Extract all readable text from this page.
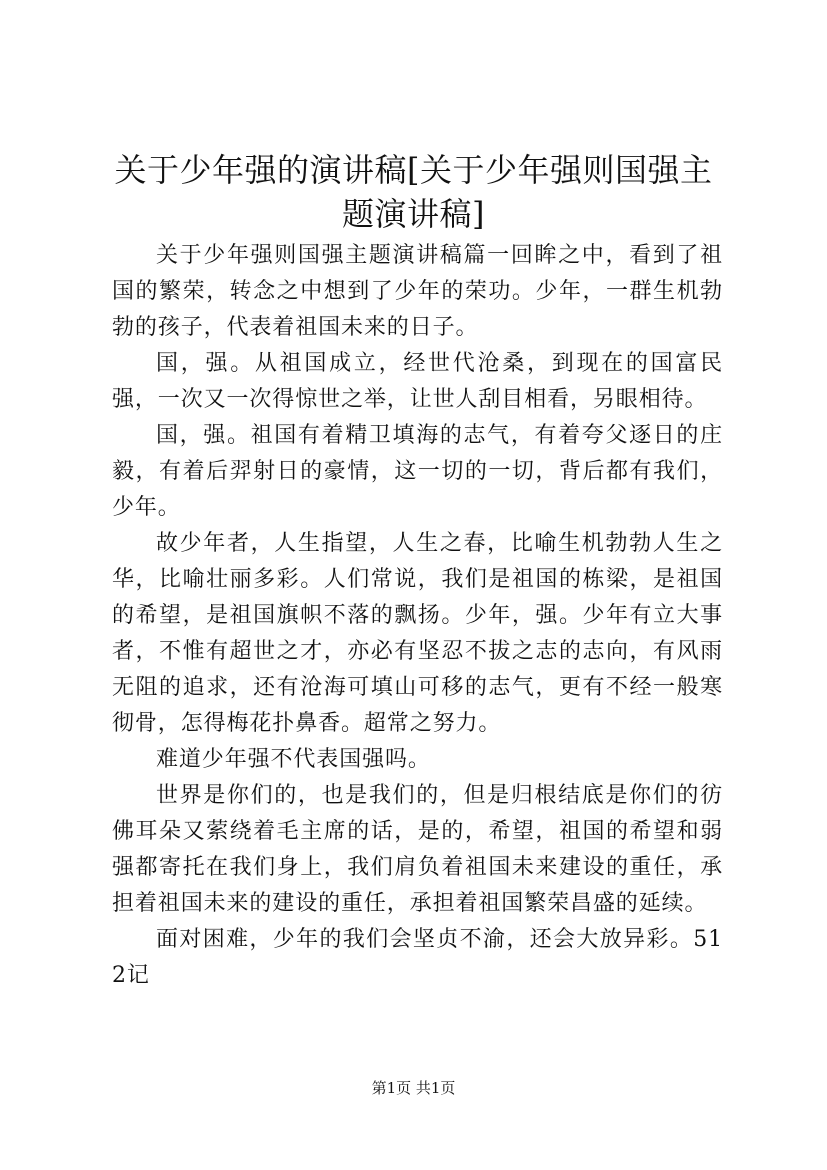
关于少年强的演讲稿[关于少年强则国强主题演讲稿]

关于少年强则国强主题演讲稿篇一回眸之中，看到了祖国的繁荣，转念之中想到了少年的荣功。少年，一群生机勃勃的孩子，代表着祖国未来的日子。

国，强。从祖国成立，经世代沧桑，到现在的国富民强，一次又一次得惊世之举，让世人刮目相看，另眼相待。

国，强。祖国有着精卫填海的志气，有着夸父逐日的庄毅，有着后羿射日的豪情，这一切的一切，背后都有我们，少年。

故少年者，人生指望，人生之春，比喻生机勃勃人生之华，比喻壮丽多彩。人们常说，我们是祖国的栋梁，是祖国的希望，是祖国旗帜不落的飘扬。少年，强。少年有立大事者，不惟有超世之才，亦必有坚忍不拔之志的志向，有风雨无阻的追求，还有沧海可填山可移的志气，更有不经一般寒彻骨，怎得梅花扑鼻香。超常之努力。

难道少年强不代表国强吗。

世界是你们的，也是我们的，但是归根结底是你们的彷佛耳朵又萦绕着毛主席的话，是的，希望，祖国的希望和弱强都寄托在我们身上，我们肩负着祖国未来建设的重任，承担着祖国未来的建设的重任，承担着祖国繁荣昌盛的延续。

面对困难，少年的我们会坚贞不渝，还会大放异彩。512记

第1页 共1页
